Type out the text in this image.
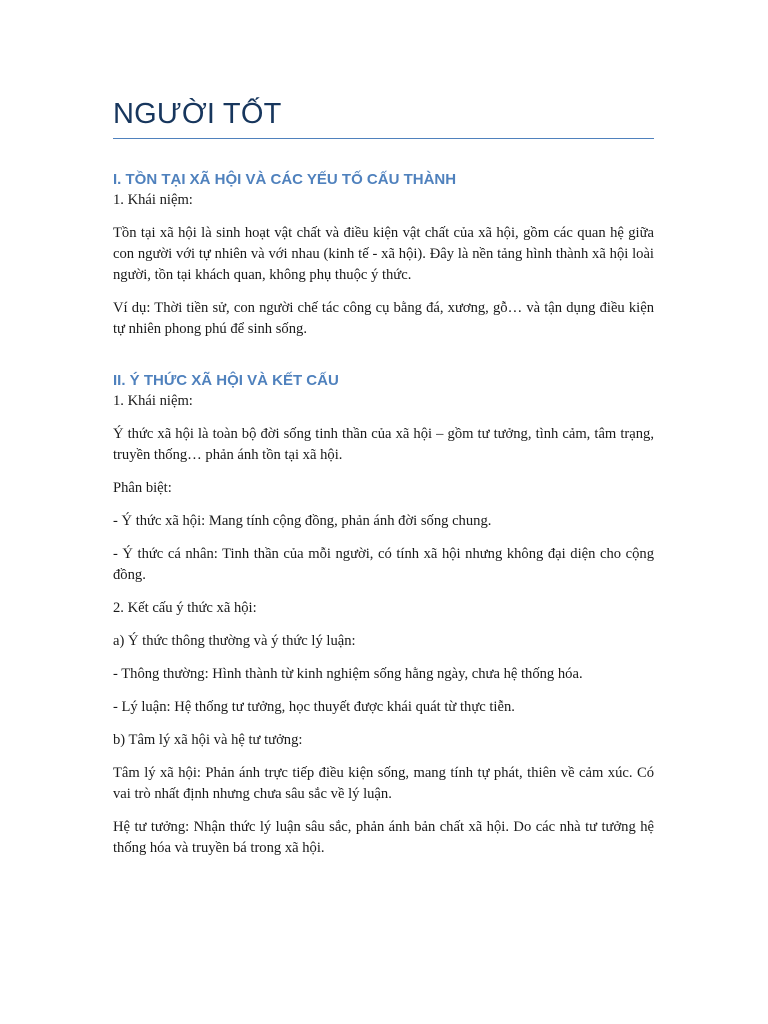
NGƯỜI TỐT
I. TỒN TẠI XÃ HỘI VÀ CÁC YẾU TỐ CẤU THÀNH

1. Khái niệm:

Tồn tại xã hội là sinh hoạt vật chất và điều kiện vật chất của xã hội, gồm các quan hệ giữa con người với tự nhiên và với nhau (kinh tế - xã hội). Đây là nền tảng hình thành xã hội loài người, tồn tại khách quan, không phụ thuộc ý thức.

Ví dụ: Thời tiền sử, con người chế tác công cụ bằng đá, xương, gỗ… và tận dụng điều kiện tự nhiên phong phú để sinh sống.

II. Ý THỨC XÃ HỘI VÀ KẾT CẤU

1. Khái niệm:

Ý thức xã hội là toàn bộ đời sống tinh thần của xã hội – gồm tư tưởng, tình cảm, tâm trạng, truyền thống… phản ánh tồn tại xã hội.

Phân biệt:

- Ý thức xã hội: Mang tính cộng đồng, phản ánh đời sống chung.

- Ý thức cá nhân: Tinh thần của mỗi người, có tính xã hội nhưng không đại diện cho cộng đồng.

2. Kết cấu ý thức xã hội:

a) Ý thức thông thường và ý thức lý luận:

- Thông thường: Hình thành từ kinh nghiệm sống hằng ngày, chưa hệ thống hóa.

- Lý luận: Hệ thống tư tưởng, học thuyết được khái quát từ thực tiễn.

b) Tâm lý xã hội và hệ tư tưởng:

Tâm lý xã hội: Phản ánh trực tiếp điều kiện sống, mang tính tự phát, thiên về cảm xúc. Có vai trò nhất định nhưng chưa sâu sắc về lý luận.

Hệ tư tưởng: Nhận thức lý luận sâu sắc, phản ánh bản chất xã hội. Do các nhà tư tưởng hệ thống hóa và truyền bá trong xã hội.
